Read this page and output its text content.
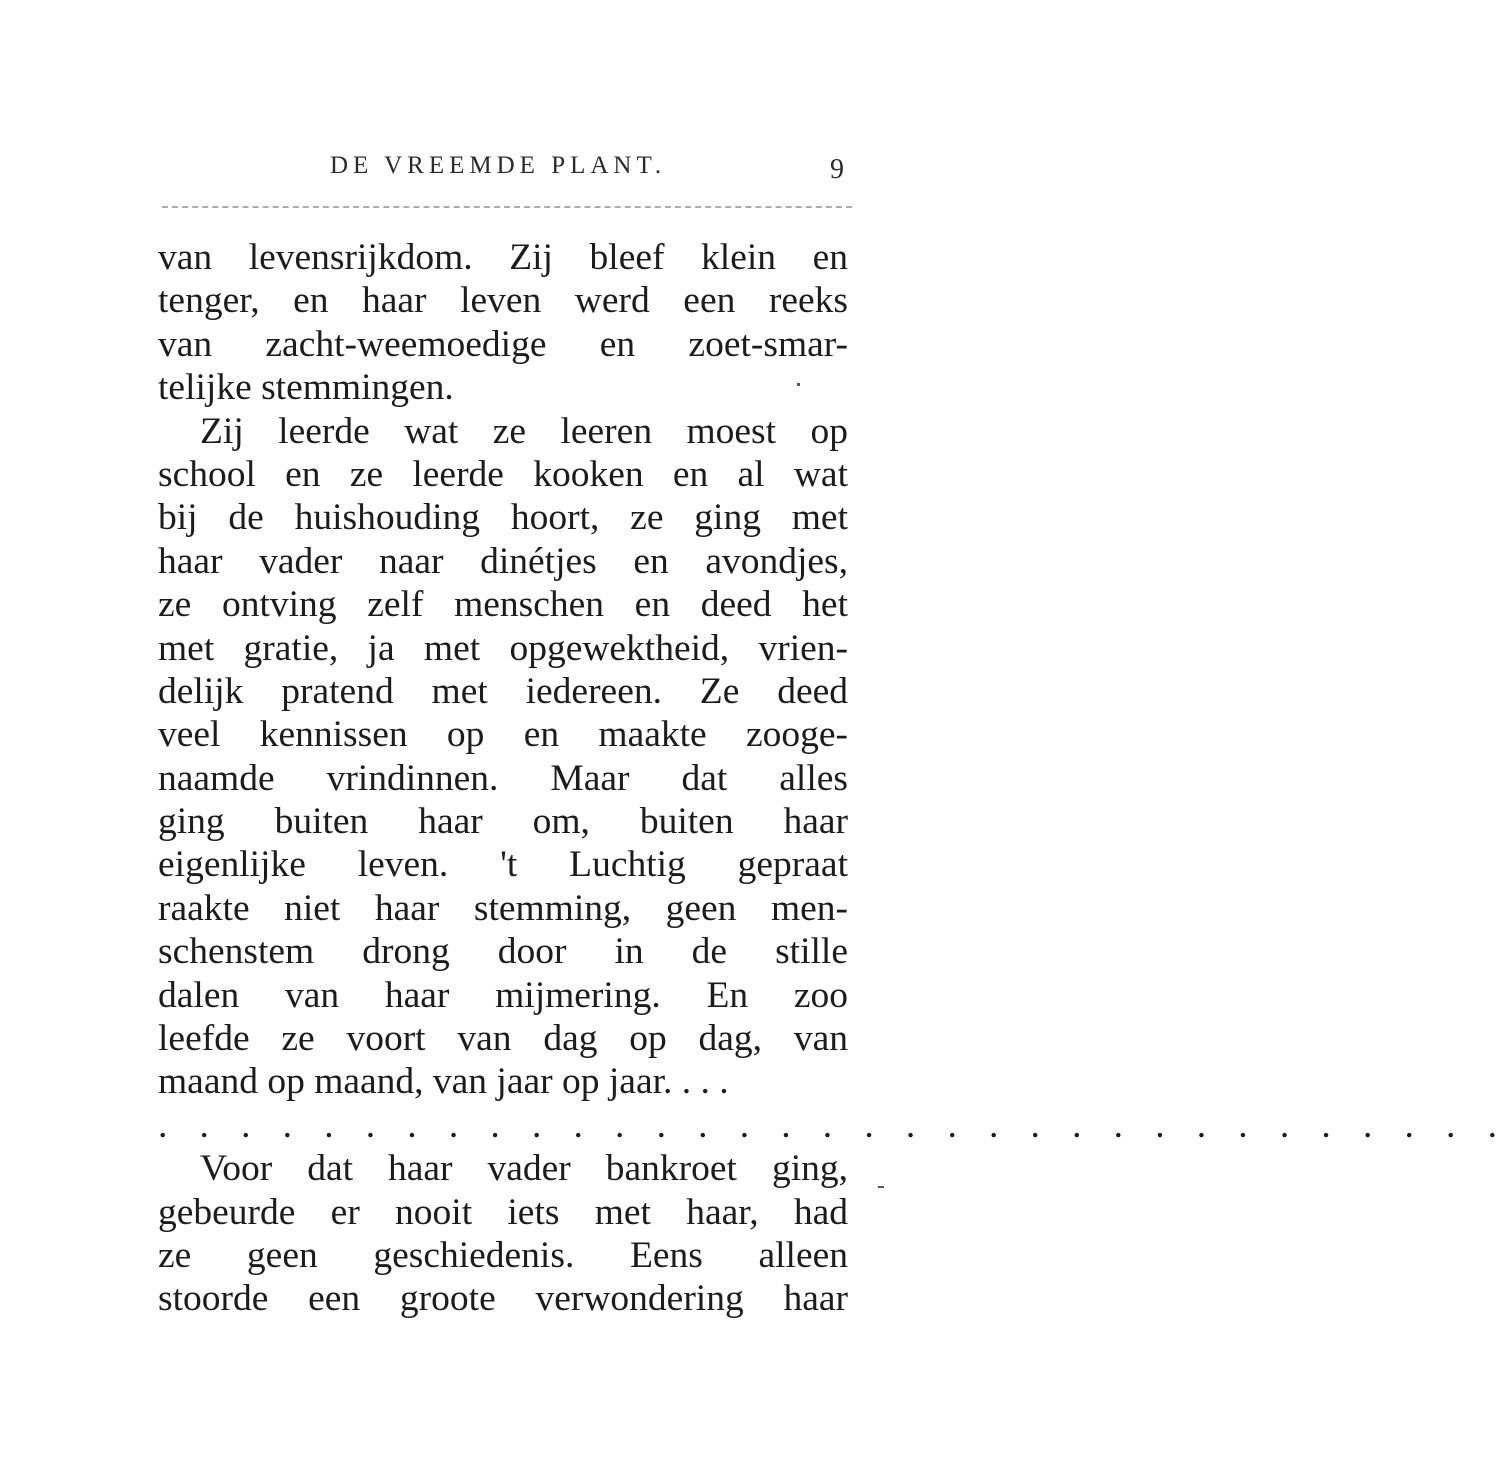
DE VREEMDE PLANT.	9
van levensrijkdom. Zij bleef klein en
tenger, en haar leven werd een reeks
van zacht-weemoedige en zoet-smar-
telijke stemmingen.
Zij leerde wat ze leeren moest op
school en ze leerde kooken en al wat
bij de huishouding hoort, ze ging met
haar vader naar dinétjes en avondjes,
ze ontving zelf menschen en deed het
met gratie, ja met opgewektheid, vrien-
delijk pratend met iedereen. Ze deed
veel kennissen op en maakte zooge-
naamde vrindinnen. Maar dat alles
ging buiten haar om, buiten haar
eigenlijke leven. 't Luchtig gepraat
raakte niet haar stemming, geen men-
schenstem drong door in de stille
dalen van haar mijmering. En zoo
leefde ze voort van dag op dag, van
maand op maand, van jaar op jaar. . . .
. . . . . . . . . . . . . . . . . . . . . . . . . . . . . . . . .
Voor dat haar vader bankroet ging,
gebeurde er nooit iets met haar, had
ze geen geschiedenis. Eens alleen
stoorde een groote verwondering haar
